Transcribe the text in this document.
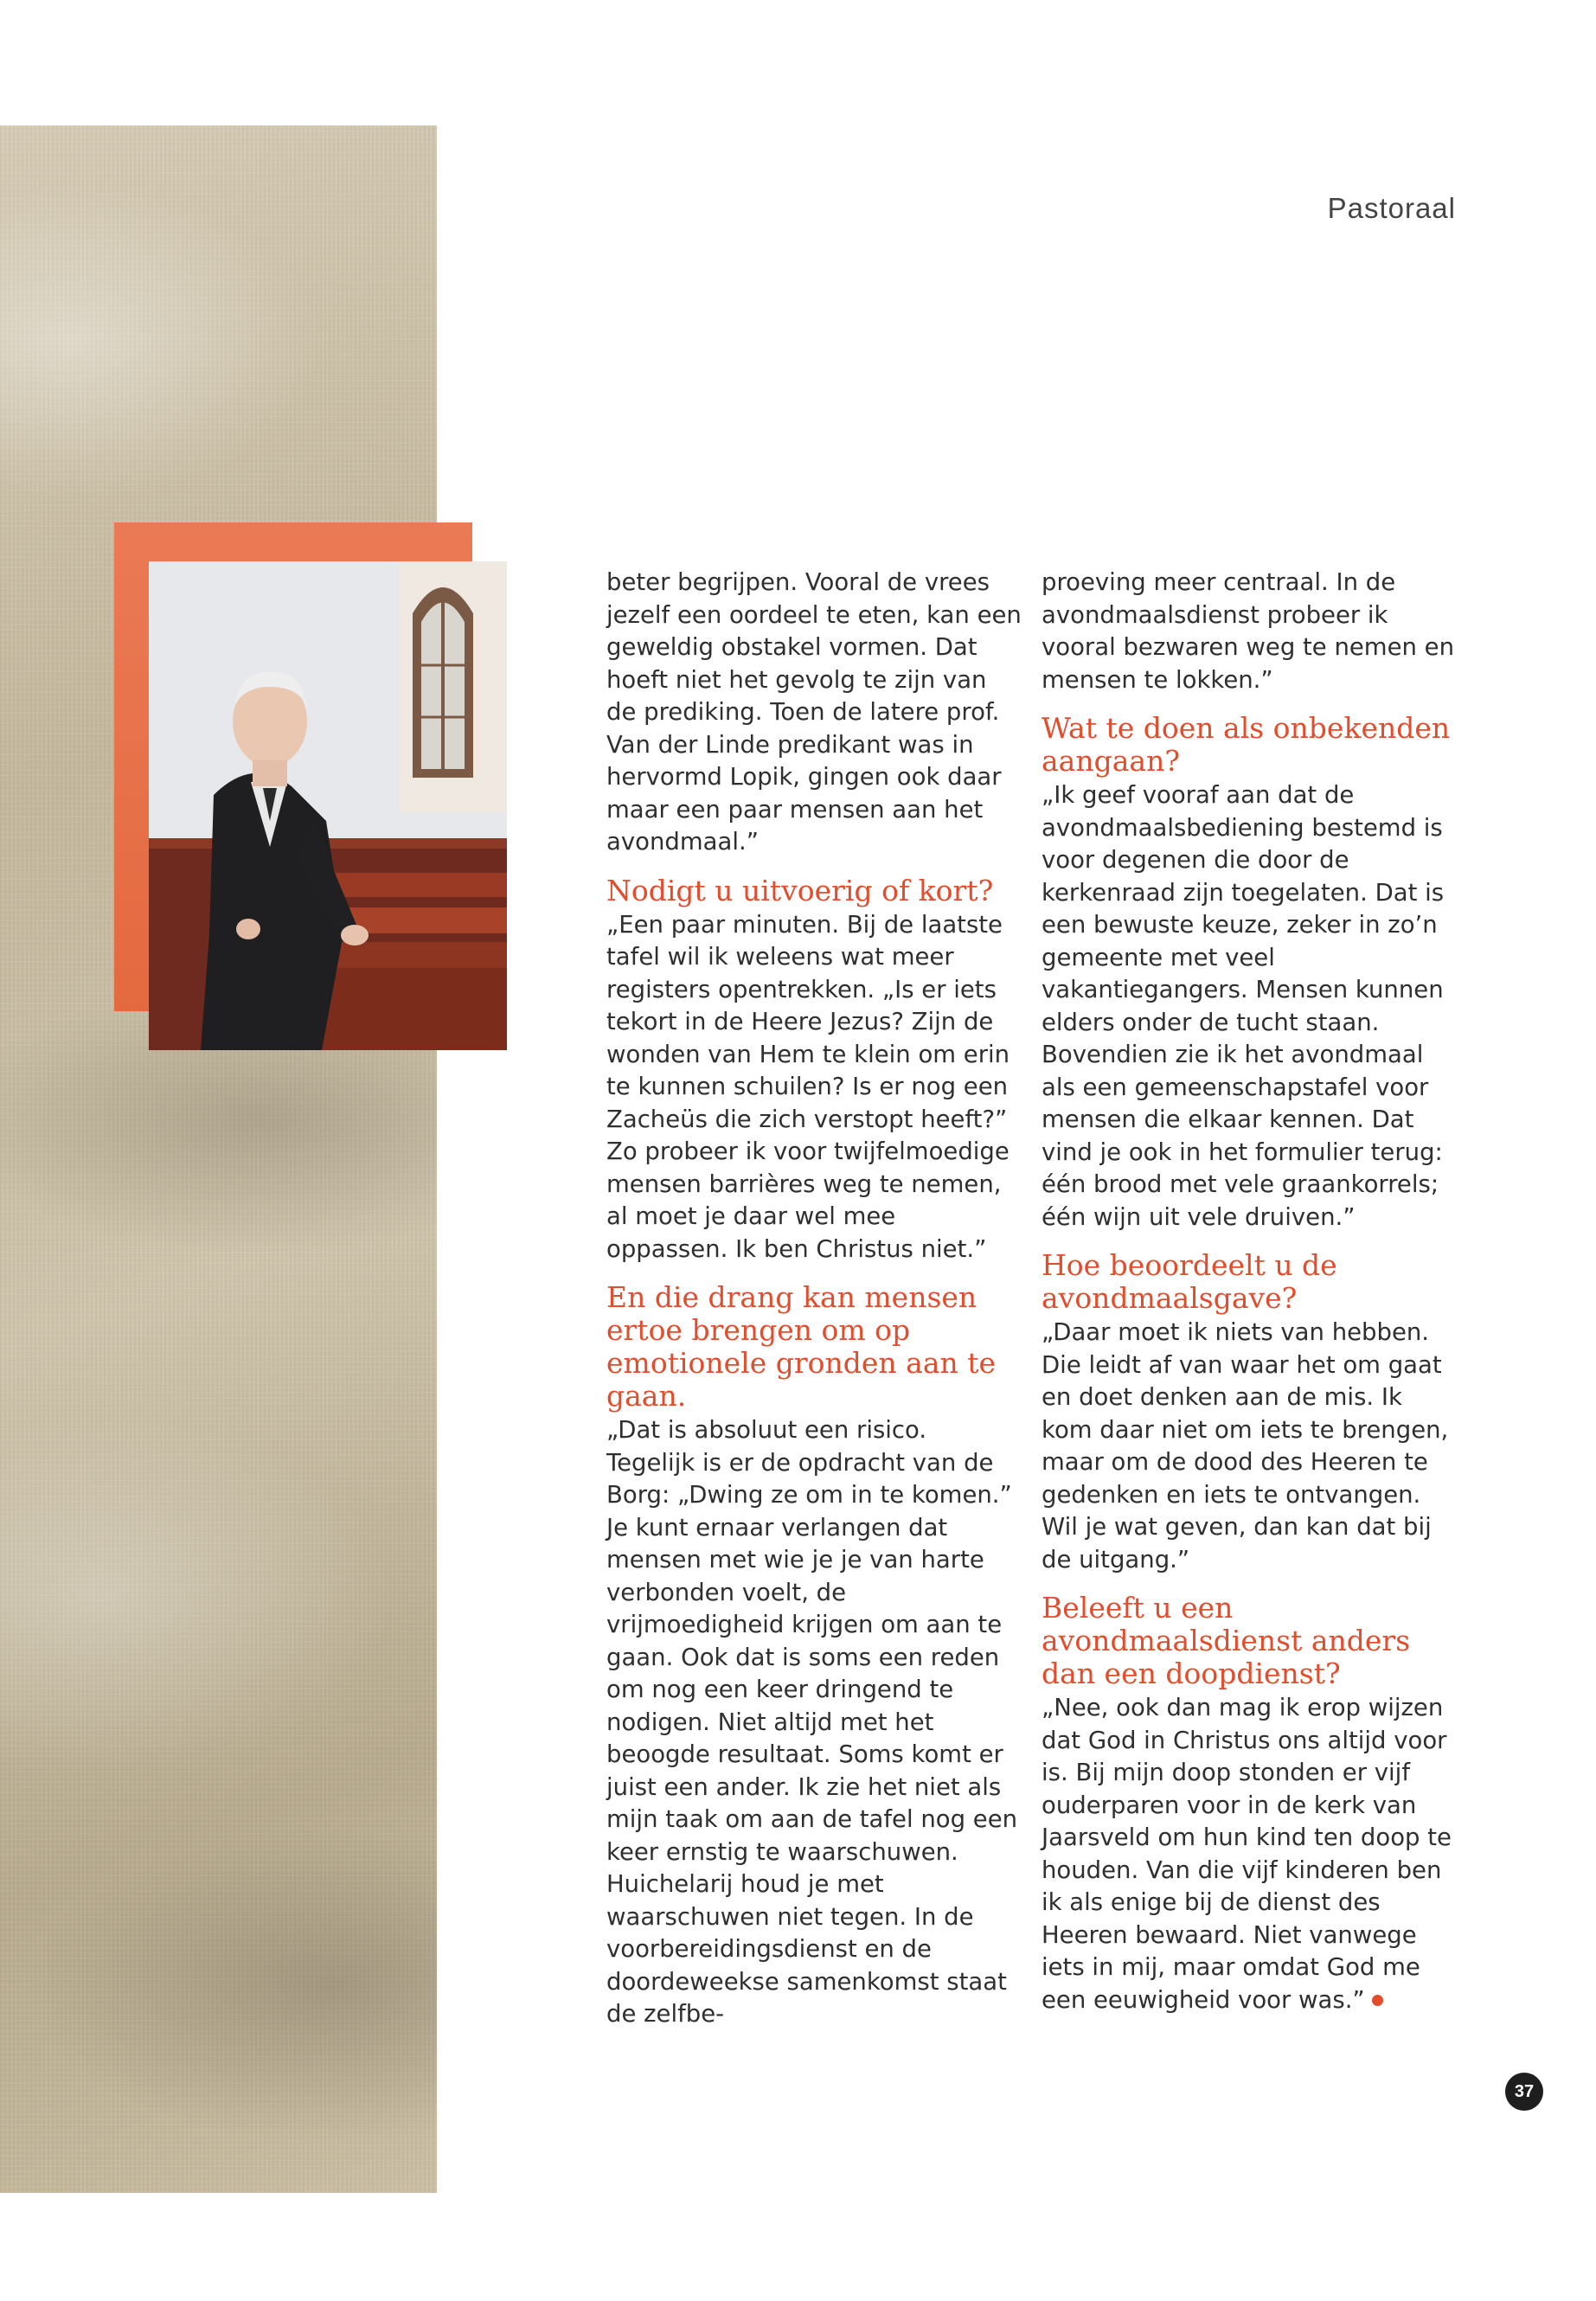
Pastoraal

beter begrijpen. Vooral de vrees jezelf een oordeel te eten, kan een geweldig obstakel vormen. Dat hoeft niet het gevolg te zijn van de prediking. Toen de latere prof. Van der Linde predikant was in hervormd Lopik, gingen ook daar maar een paar mensen aan het avondmaal.”

Nodigt u uitvoerig of kort?

„Een paar minuten. Bij de laatste tafel wil ik weleens wat meer registers opentrekken. „Is er iets tekort in de Heere Jezus? Zijn de wonden van Hem te klein om erin te kunnen schuilen? Is er nog een Zacheüs die zich verstopt heeft?” Zo probeer ik voor twijfelmoedige mensen barrières weg te nemen, al moet je daar wel mee oppassen. Ik ben Christus niet.”

En die drang kan mensen ertoe brengen om op emotionele gronden aan te gaan.

„Dat is absoluut een risico. Tegelijk is er de opdracht van de Borg: „Dwing ze om in te komen.” Je kunt ernaar verlangen dat mensen met wie je je van harte verbonden voelt, de vrijmoedigheid krijgen om aan te gaan. Ook dat is soms een reden om nog een keer dringend te nodigen. Niet altijd met het beoogde resultaat. Soms komt er juist een ander. Ik zie het niet als mijn taak om aan de tafel nog een keer ernstig te waarschuwen. Huichelarij houd je met waarschuwen niet tegen. In de voorbereidingsdienst en de doordeweekse samenkomst staat de zelfbe-

proeving meer centraal. In de avondmaalsdienst probeer ik vooral bezwaren weg te nemen en mensen te lokken.”

Wat te doen als onbekenden aangaan?

„Ik geef vooraf aan dat de avondmaalsbediening bestemd is voor degenen die door de kerkenraad zijn toegelaten. Dat is een bewuste keuze, zeker in zo’n gemeente met veel vakantiegangers. Mensen kunnen elders onder de tucht staan. Bovendien zie ik het avondmaal als een gemeenschapstafel voor mensen die elkaar kennen. Dat vind je ook in het formulier terug: één brood met vele graankorrels; één wijn uit vele druiven.”

Hoe beoordeelt u de avondmaalsgave?

„Daar moet ik niets van hebben. Die leidt af van waar het om gaat en doet denken aan de mis. Ik kom daar niet om iets te brengen, maar om de dood des Heeren te gedenken en iets te ontvangen. Wil je wat geven, dan kan dat bij de uitgang.”

Beleeft u een avondmaalsdienst anders dan een doopdienst?

„Nee, ook dan mag ik erop wijzen dat God in Christus ons altijd voor is. Bij mijn doop stonden er vijf ouderparen voor in de kerk van Jaarsveld om hun kind ten doop te houden. Van die vijf kinderen ben ik als enige bij de dienst des Heeren bewaard. Niet vanwege iets in mij, maar omdat God me een eeuwigheid voor was.”

37
